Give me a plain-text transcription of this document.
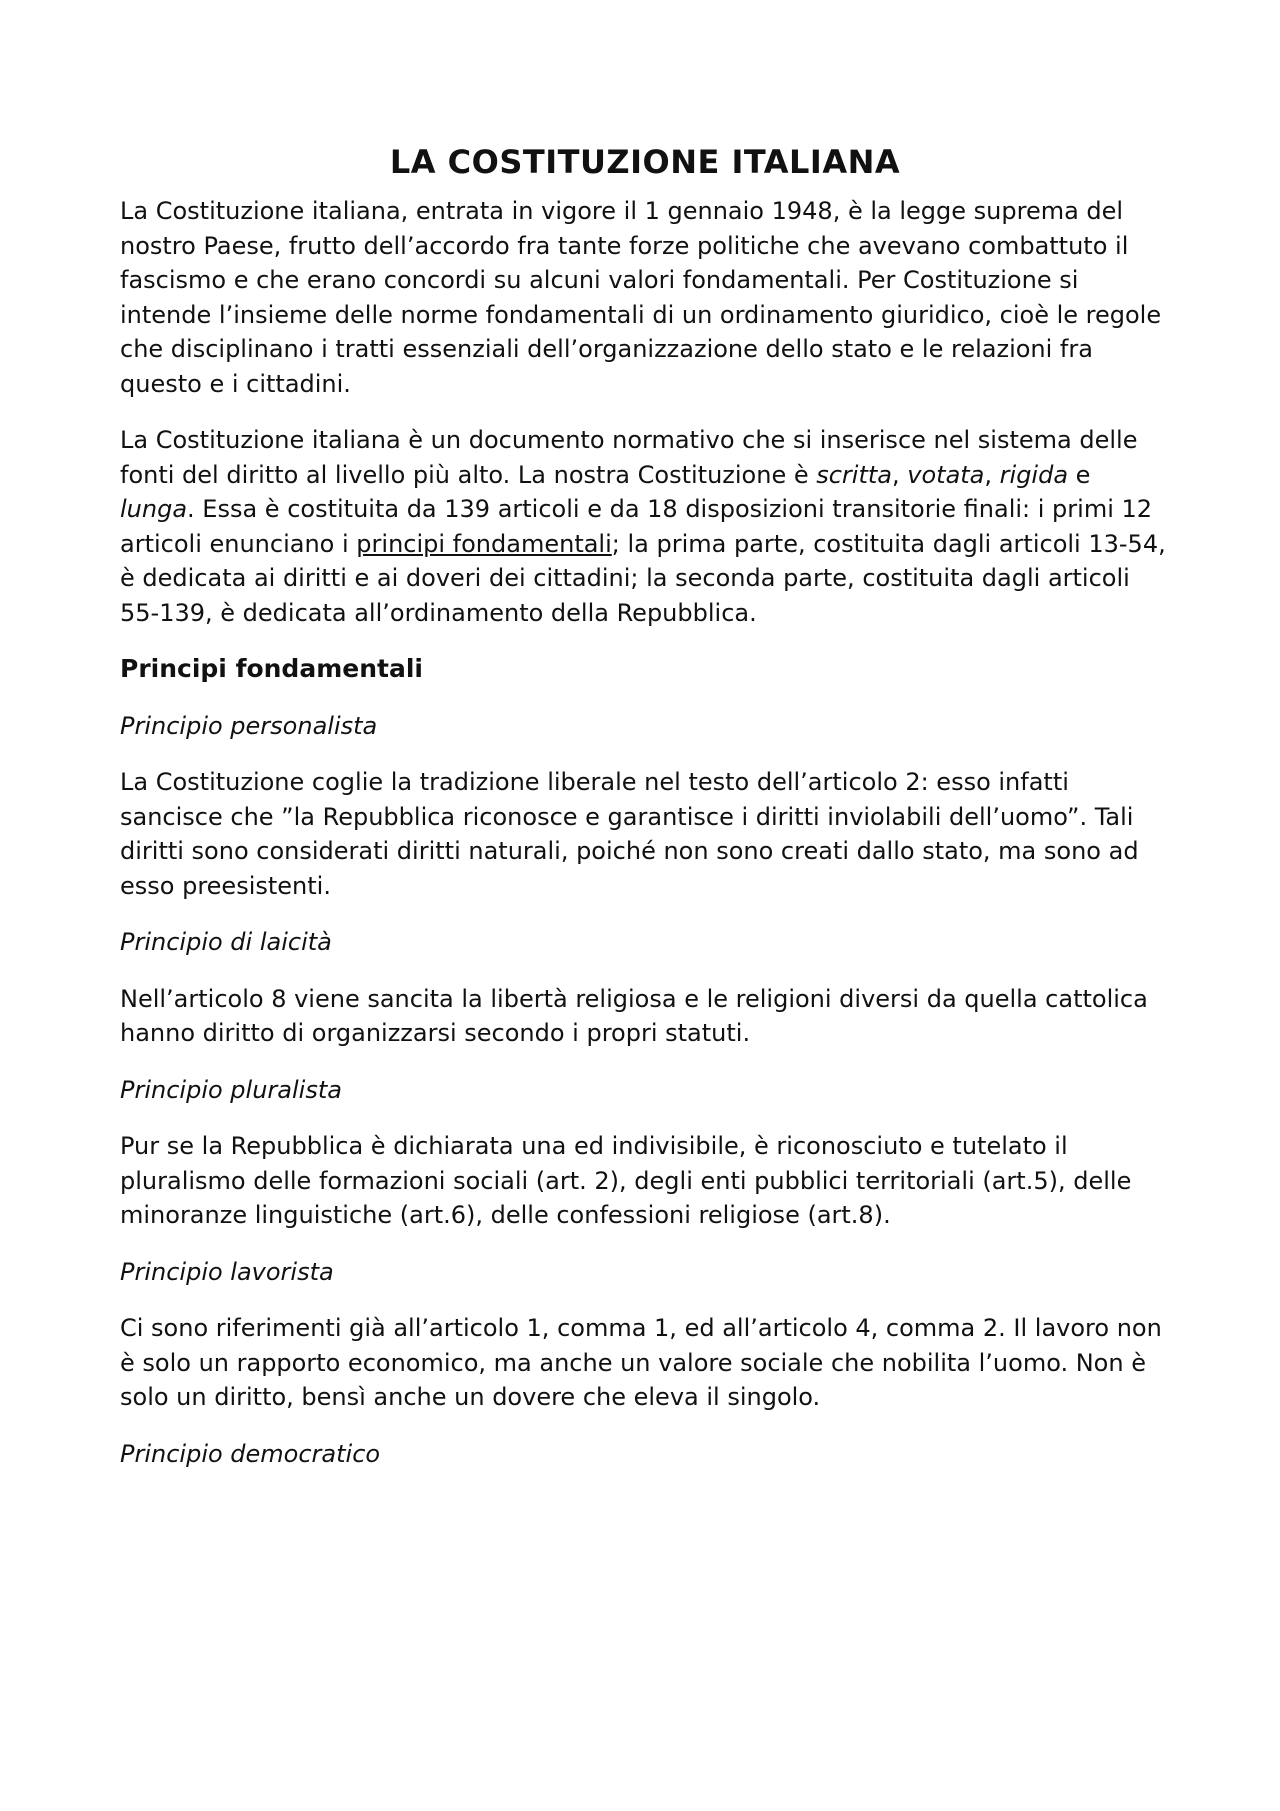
LA COSTITUZIONE ITALIANA

La Costituzione italiana, entrata in vigore il 1 gennaio 1948, è la legge suprema del nostro Paese, frutto dell’accordo fra tante forze politiche che avevano combattuto il fascismo e che erano concordi su alcuni valori fondamentali. Per Costituzione si intende l’insieme delle norme fondamentali di un ordinamento giuridico, cioè le regole che disciplinano i tratti essenziali dell’organizzazione dello stato e le relazioni fra questo e i cittadini.

La Costituzione italiana è un documento normativo che si inserisce nel sistema delle fonti del diritto al livello più alto. La nostra Costituzione è scritta, votata, rigida e lunga. Essa è costituita da 139 articoli e da 18 disposizioni transitorie finali: i primi 12 articoli enunciano i principi fondamentali; la prima parte, costituita dagli articoli 13-54, è dedicata ai diritti e ai doveri dei cittadini; la seconda parte, costituita dagli articoli 55-139, è dedicata all’ordinamento della Repubblica.

Principi fondamentali

Principio personalista

La Costituzione coglie la tradizione liberale nel testo dell’articolo 2: esso infatti sancisce che ”la Repubblica riconosce e garantisce i diritti inviolabili dell’uomo”. Tali diritti sono considerati diritti naturali, poiché non sono creati dallo stato, ma sono ad esso preesistenti.

Principio di laicità

Nell’articolo 8 viene sancita la libertà religiosa e le religioni diversi da quella cattolica hanno diritto di organizzarsi secondo i propri statuti.

Principio pluralista

Pur se la Repubblica è dichiarata una ed indivisibile, è riconosciuto e tutelato il pluralismo delle formazioni sociali (art. 2), degli enti pubblici territoriali (art.5), delle minoranze linguistiche (art.6), delle confessioni religiose (art.8).

Principio lavorista

Ci sono riferimenti già all’articolo 1, comma 1, ed all’articolo 4, comma 2. Il lavoro non è solo un rapporto economico, ma anche un valore sociale che nobilita l’uomo. Non è solo un diritto, bensì anche un dovere che eleva il singolo.

Principio democratico
